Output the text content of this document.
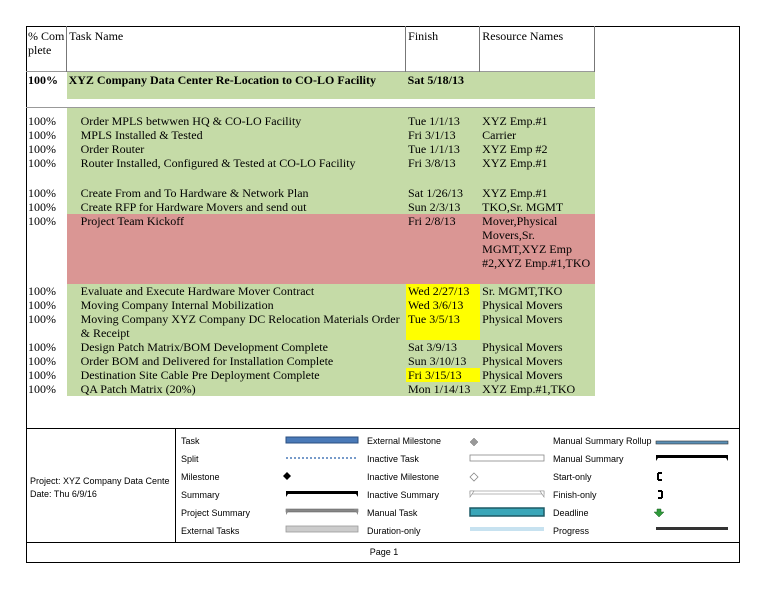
% Complete	Task Name	Finish	Resource Names
100%	XYZ Company Data Center Re-Location to CO-LO Facility	Sat 5/18/13	

100%	Order MPLS betwwen HQ & CO-LO Facility	Tue 1/1/13	XYZ Emp.#1
100%	MPLS Installed & Tested	Fri 3/1/13	Carrier
100%	Order Router	Tue 1/1/13	XYZ Emp #2
100%	Router Installed, Configured & Tested at CO-LO Facility	Fri 3/8/13	XYZ Emp.#1

100%	Create From and To Hardware & Network Plan	Sat 1/26/13	XYZ Emp.#1
100%	Create RFP for Hardware Movers and send out	Sun 2/3/13	TKO,Sr. MGMT
100%	Project Team Kickoff	Fri 2/8/13	Mover,Physical Movers,Sr. MGMT,XYZ Emp #2,XYZ Emp.#1,TKO
100%	Evaluate and Execute Hardware Mover Contract	Wed 2/27/13	Sr. MGMT,TKO
100%	Moving Company Internal Mobilization	Wed 3/6/13	Physical Movers
100%	Moving Company XYZ Company DC Relocation Materials Order & Receipt	Tue 3/5/13	Physical Movers
100%	Design Patch Matrix/BOM Development Complete	Sat 3/9/13	Physical Movers
100%	Order BOM and Delivered for Installation Complete	Sun 3/10/13	Physical Movers
100%	Destination Site Cable Pre Deployment Complete	Fri 3/15/13	Physical Movers
100%	QA Patch Matrix (20%)	Mon 1/14/13	XYZ Emp.#1,TKO
Project: XYZ Company Data Cente
Date: Thu 6/9/16
Task
Split
Milestone
Summary
Project Summary
External Tasks
External Milestone
Inactive Task
Inactive Milestone
Inactive Summary
Manual Task
Duration-only
Manual Summary Rollup
Manual Summary
Start-only
Finish-only
Deadline
Progress
Page 1
